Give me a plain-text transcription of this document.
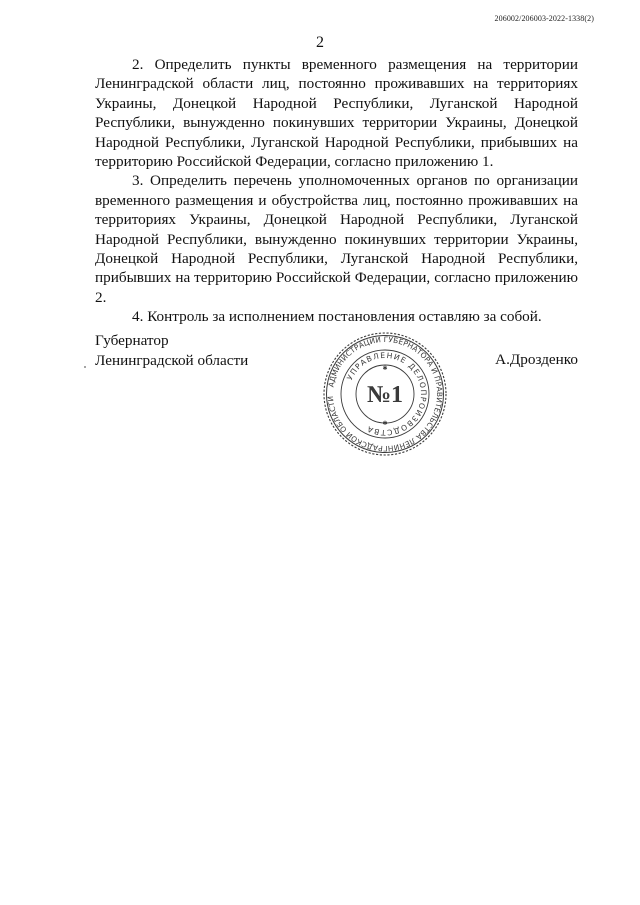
206002/206003-2022-1338(2)
2

2. Определить пункты временного размещения на территории Ленинградской области лиц, постоянно проживавших на территориях Украины, Донецкой Народной Республики, Луганской Народной Республики, вынужденно покинувших территории Украины, Донецкой Народной Республики, Луганской Народной Республики, прибывших на территорию Российской Федерации, согласно приложению 1.

3. Определить перечень уполномоченных органов по организации временного размещения и обустройства лиц, постоянно проживавших на территориях Украины, Донецкой Народной Республики, Луганской Народной Республики, вынужденно покинувших территории Украины, Донецкой Народной Республики, Луганской Народной Республики, прибывших на территорию Российской Федерации, согласно приложению 2.

4. Контроль за исполнением постановления оставляю за собой.

Губернатор
Ленинградской области	А.Дрозденко
АДМИНИСТРАЦИИ ГУБЕРНАТОРА И ПРАВИТЕЛЬСТВА ЛЕНИНГРАДСКОЙ ОБЛАСТИ
УПРАВЛЕНИЕ ДЕЛОПРОИЗВОДСТВА
№1
✱
✱
